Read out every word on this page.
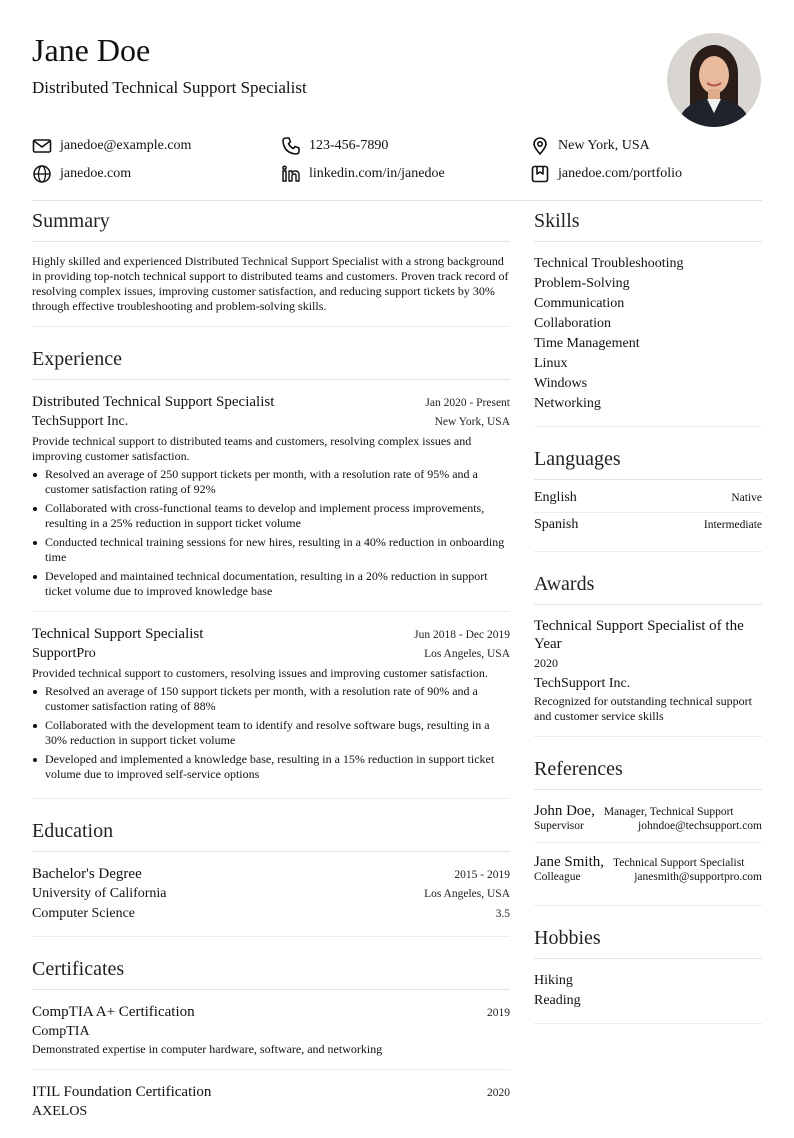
Jane Doe
Distributed Technical Support Specialist
janedoe@example.com	123-456-7890	New York, USA
janedoe.com	linkedin.com/in/janedoe	janedoe.com/portfolio
Summary
Highly skilled and experienced Distributed Technical Support Specialist with a strong background in providing top-notch technical support to distributed teams and customers. Proven track record of resolving complex issues, improving customer satisfaction, and reducing support tickets by 30% through effective troubleshooting and problem-solving skills.
Experience
Distributed Technical Support Specialist	Jan 2020 - Present
TechSupport Inc.	New York, USA
Provide technical support to distributed teams and customers, resolving complex issues and improving customer satisfaction.
Resolved an average of 250 support tickets per month, with a resolution rate of 95% and a customer satisfaction rating of 92%
Collaborated with cross-functional teams to develop and implement process improvements, resulting in a 25% reduction in support ticket volume
Conducted technical training sessions for new hires, resulting in a 40% reduction in onboarding time
Developed and maintained technical documentation, resulting in a 20% reduction in support ticket volume due to improved knowledge base
Technical Support Specialist	Jun 2018 - Dec 2019
SupportPro	Los Angeles, USA
Provided technical support to customers, resolving issues and improving customer satisfaction.
Resolved an average of 150 support tickets per month, with a resolution rate of 90% and a customer satisfaction rating of 88%
Collaborated with the development team to identify and resolve software bugs, resulting in a 30% reduction in support ticket volume
Developed and implemented a knowledge base, resulting in a 15% reduction in support ticket volume due to improved self-service options
Education
Bachelor's Degree	2015 - 2019
University of California	Los Angeles, USA
Computer Science	3.5
Certificates
CompTIA A+ Certification	2019
CompTIA
Demonstrated expertise in computer hardware, software, and networking
ITIL Foundation Certification	2020
AXELOS
Skills
Technical Troubleshooting
Problem-Solving
Communication
Collaboration
Time Management
Linux
Windows
Networking
Languages
English	Native
Spanish	Intermediate
Awards
Technical Support Specialist of the Year
2020
TechSupport Inc.
Recognized for outstanding technical support and customer service skills
References
John Doe, Manager, Technical Support
Supervisor	johndoe@techsupport.com
Jane Smith, Technical Support Specialist
Colleague	janesmith@supportpro.com
Hobbies
Hiking
Reading
